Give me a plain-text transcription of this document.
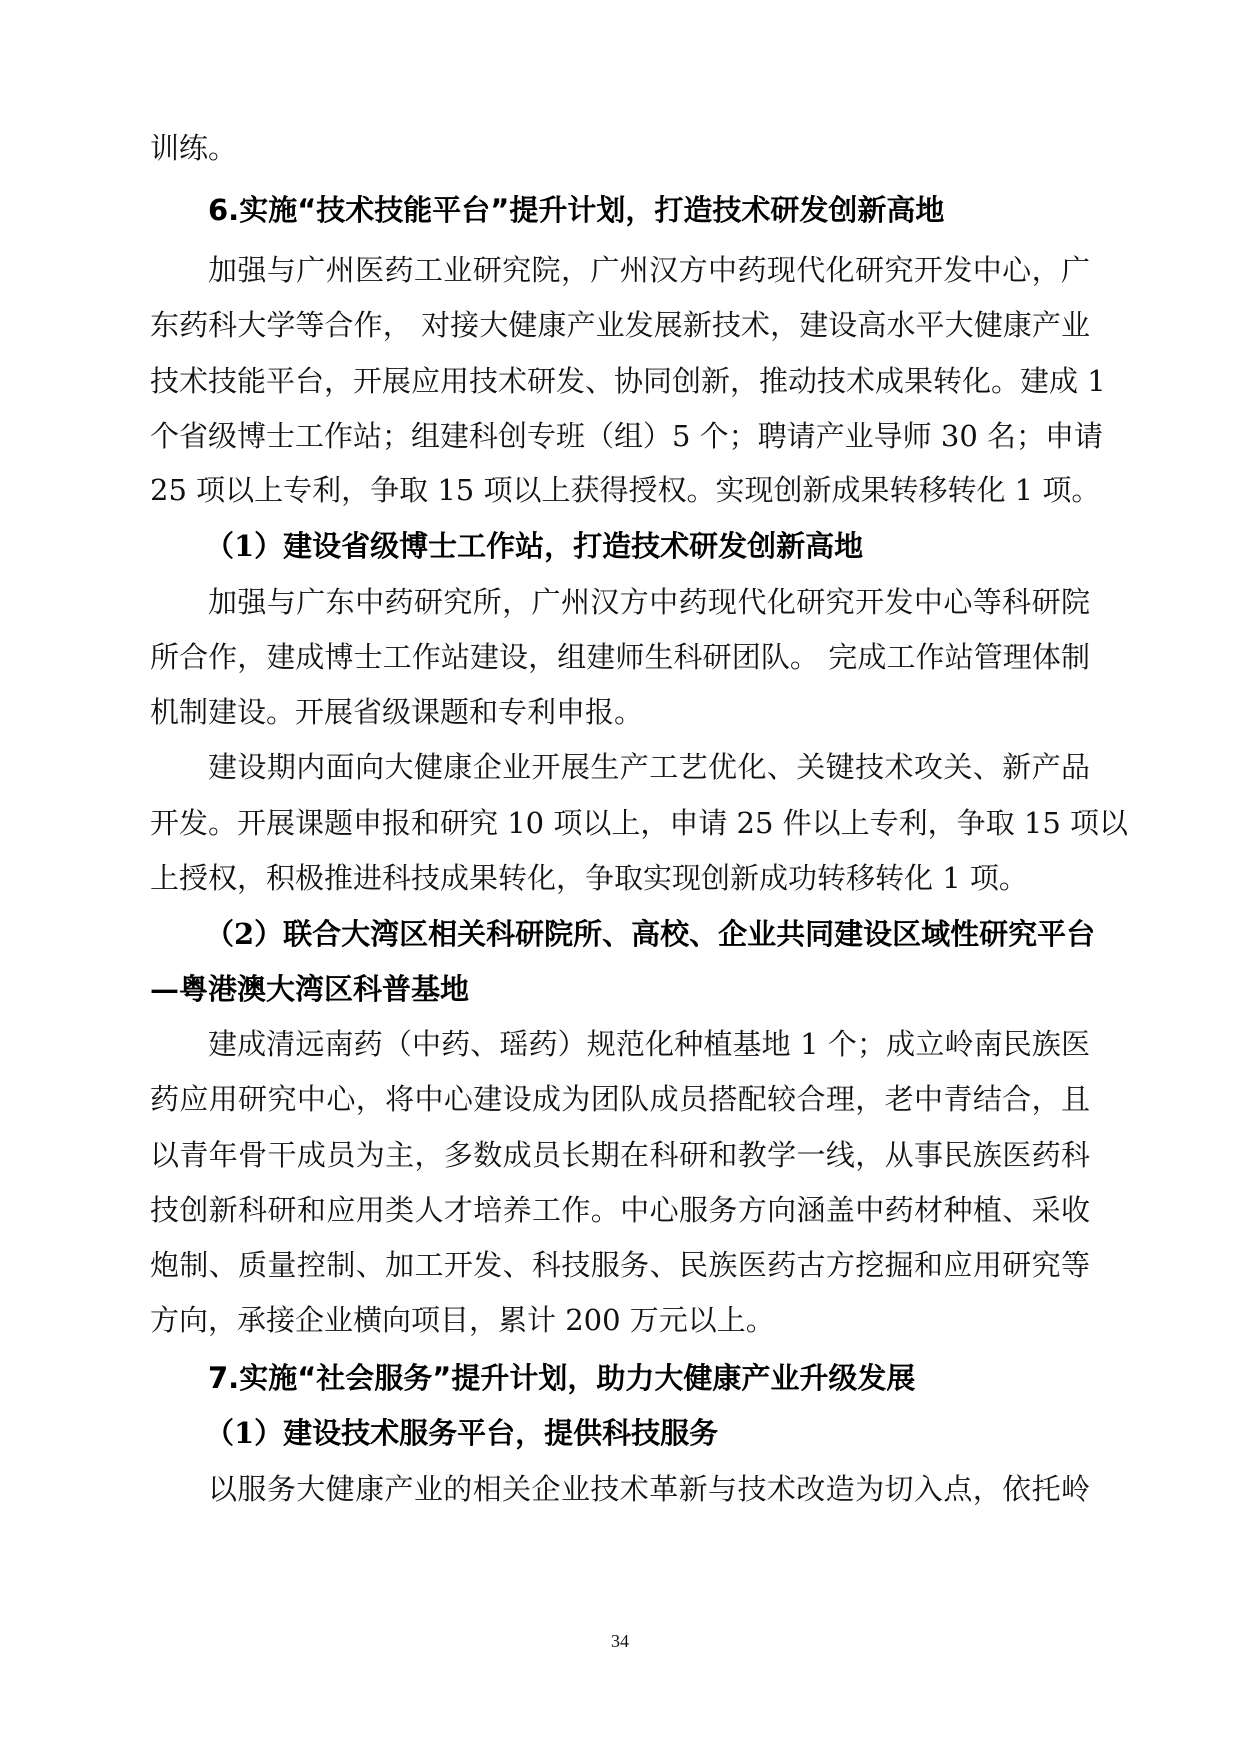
训练。
6.实施“技术技能平台”提升计划，打造技术研发创新高地
加强与广州医药工业研究院，广州汉方中药现代化研究开发中心，广
东药科大学等合作， 对接大健康产业发展新技术，建设高水平大健康产业
技术技能平台，开展应用技术研发、协同创新，推动技术成果转化。建成 1
个省级博士工作站；组建科创专班（组）5 个；聘请产业导师 30 名；申请
25 项以上专利，争取 15 项以上获得授权。实现创新成果转移转化 1 项。
（1）建设省级博士工作站，打造技术研发创新高地
加强与广东中药研究所，广州汉方中药现代化研究开发中心等科研院
所合作，建成博士工作站建设，组建师生科研团队。 完成工作站管理体制
机制建设。开展省级课题和专利申报。
建设期内面向大健康企业开展生产工艺优化、关键技术攻关、新产品
开发。开展课题申报和研究 10 项以上，申请 25 件以上专利，争取 15 项以
上授权，积极推进科技成果转化，争取实现创新成功转移转化 1 项。
（2）联合大湾区相关科研院所、高校、企业共同建设区域性研究平台
—粤港澳大湾区科普基地
建成清远南药（中药、瑶药）规范化种植基地 1 个；成立岭南民族医
药应用研究中心，将中心建设成为团队成员搭配较合理，老中青结合，且
以青年骨干成员为主，多数成员长期在科研和教学一线，从事民族医药科
技创新科研和应用类人才培养工作。中心服务方向涵盖中药材种植、采收
炮制、质量控制、加工开发、科技服务、民族医药古方挖掘和应用研究等
方向，承接企业横向项目，累计 200 万元以上。
7.实施“社会服务”提升计划，助力大健康产业升级发展
（1）建设技术服务平台，提供科技服务
以服务大健康产业的相关企业技术革新与技术改造为切入点，依托岭
34
